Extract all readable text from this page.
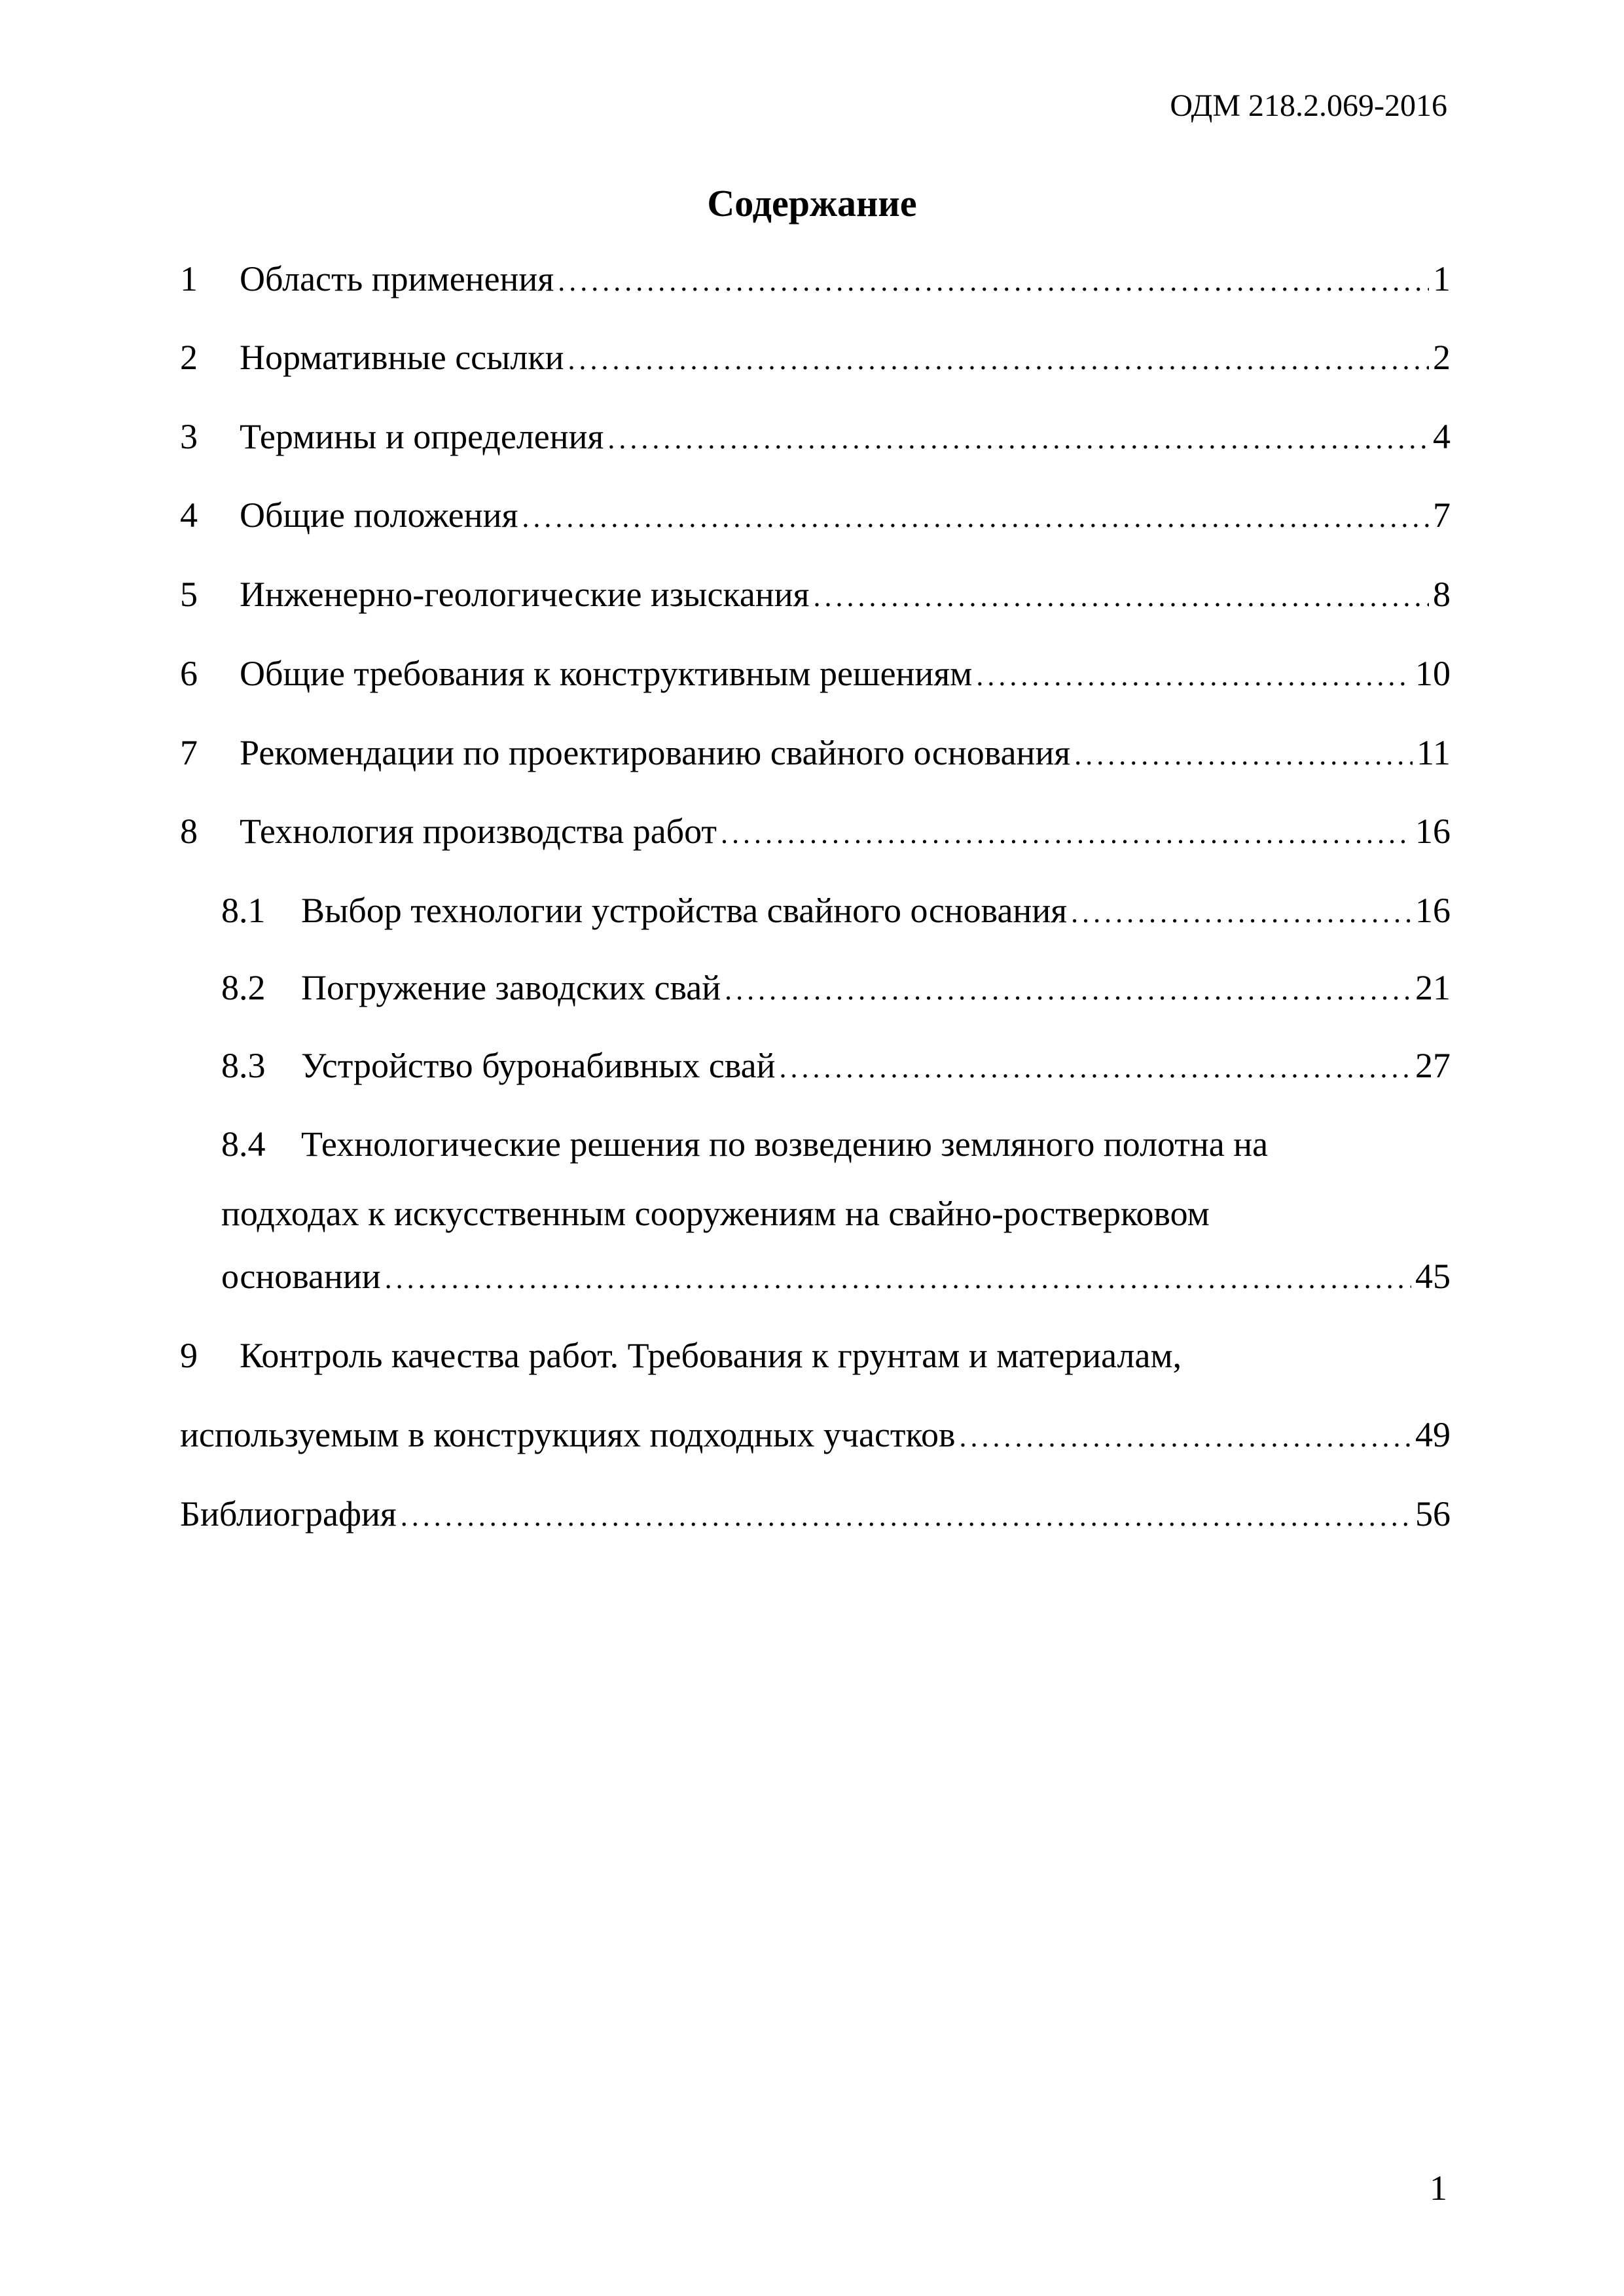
ОДМ 218.2.069-2016
Содержание
1	Область применения .....	1
2	Нормативные ссылки .....	2
3	Термины и определения .....	4
4	Общие положения .....	7
5	Инженерно-геологические изыскания .....	8
6	Общие требования к конструктивным решениям .....	10
7	Рекомендации по проектированию свайного основания .....	11
8	Технология производства работ .....	16
8.1	Выбор технологии устройства свайного основания .....	16
8.2	Погружение заводских свай .....	21
8.3	Устройство буронабивных свай .....	27
8.4 Технологические решения по возведению земляного полотна на
подходах к искусственным сооружениям на свайно-ростверковом
основании .....	45
9 Контроль качества работ. Требования к грунтам и материалам,
используемым в конструкциях подходных участков .....	49
Библиография .....	56
1
